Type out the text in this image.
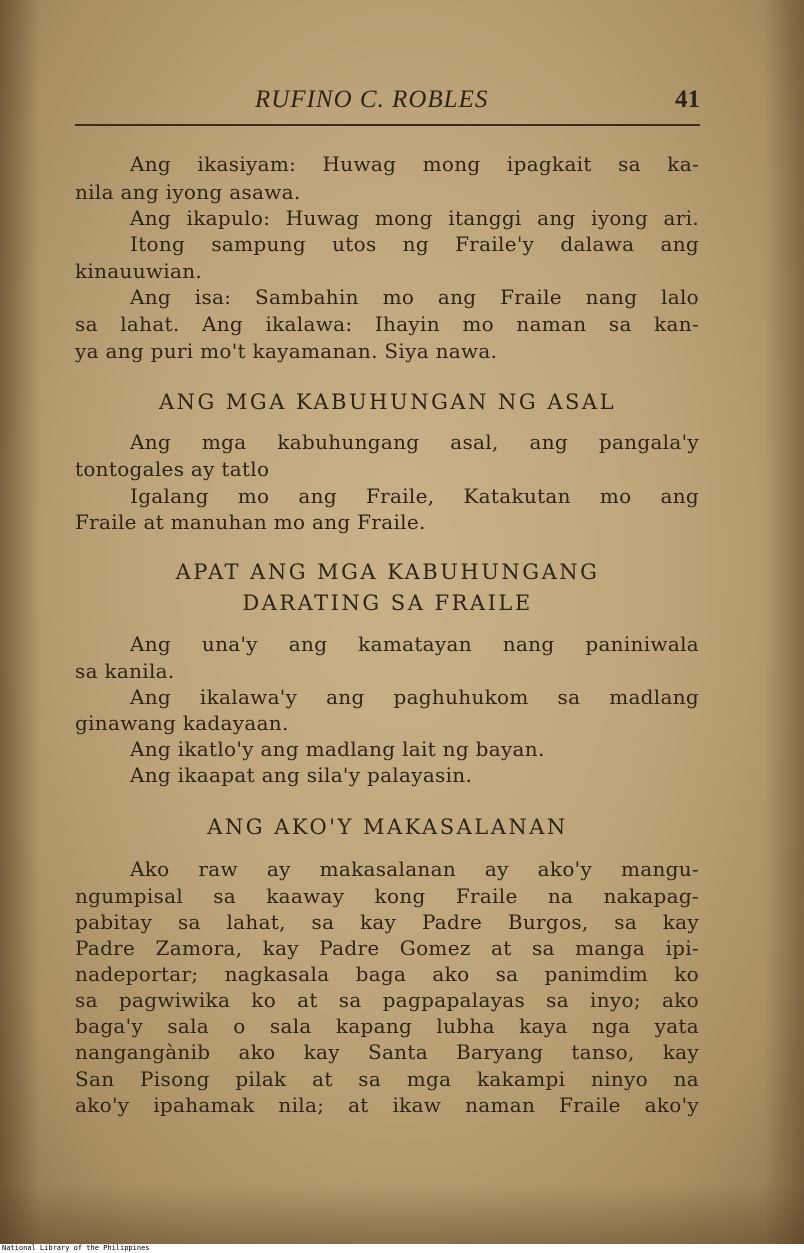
RUFINO C. ROBLES	41
Ang ikasiyam: Huwag mong ipagkait sa ka-
nila ang iyong asawa.
Ang ikapulo: Huwag mong itanggi ang iyong ari.
Itong sampung utos ng Fraile'y dalawa ang
kinauuwian.
Ang isa: Sambahin mo ang Fraile nang lalo
sa lahat. Ang ikalawa: Ihayin mo naman sa kan-
ya ang puri mo't kayamanan. Siya nawa.
ANG MGA KABUHUNGAN NG ASAL
Ang mga kabuhungang asal, ang pangala'y
tontogales ay tatlo
Igalang mo ang Fraile, Katakutan mo ang
Fraile at manuhan mo ang Fraile.
APAT ANG MGA KABUHUNGANG
DARATING SA FRAILE
Ang una'y ang kamatayan nang paniniwala
sa kanila.
Ang ikalawa'y ang paghuhukom sa madlang
ginawang kadayaan.
Ang ikatlo'y ang madlang lait ng bayan.
Ang ikaapat ang sila'y palayasin.
ANG AKO'Y MAKASALANAN
Ako raw ay makasalanan ay ako'y mangu-
ngumpisal sa kaaway kong Fraile na nakapag-
pabitay sa lahat, sa kay Padre Burgos, sa kay
Padre Zamora, kay Padre Gomez at sa manga ipi-
nadeportar; nagkasala baga ako sa panimdim ko
sa pagwiwika ko at sa pagpapalayas sa inyo; ako
baga'y sala o sala kapang lubha kaya nga yata
nangangànib ako kay Santa Baryang tanso, kay
San Pisong pilak at sa mga kakampi ninyo na
ako'y ipahamak nila; at ikaw naman Fraile ako'y
National Library of the Philippines
